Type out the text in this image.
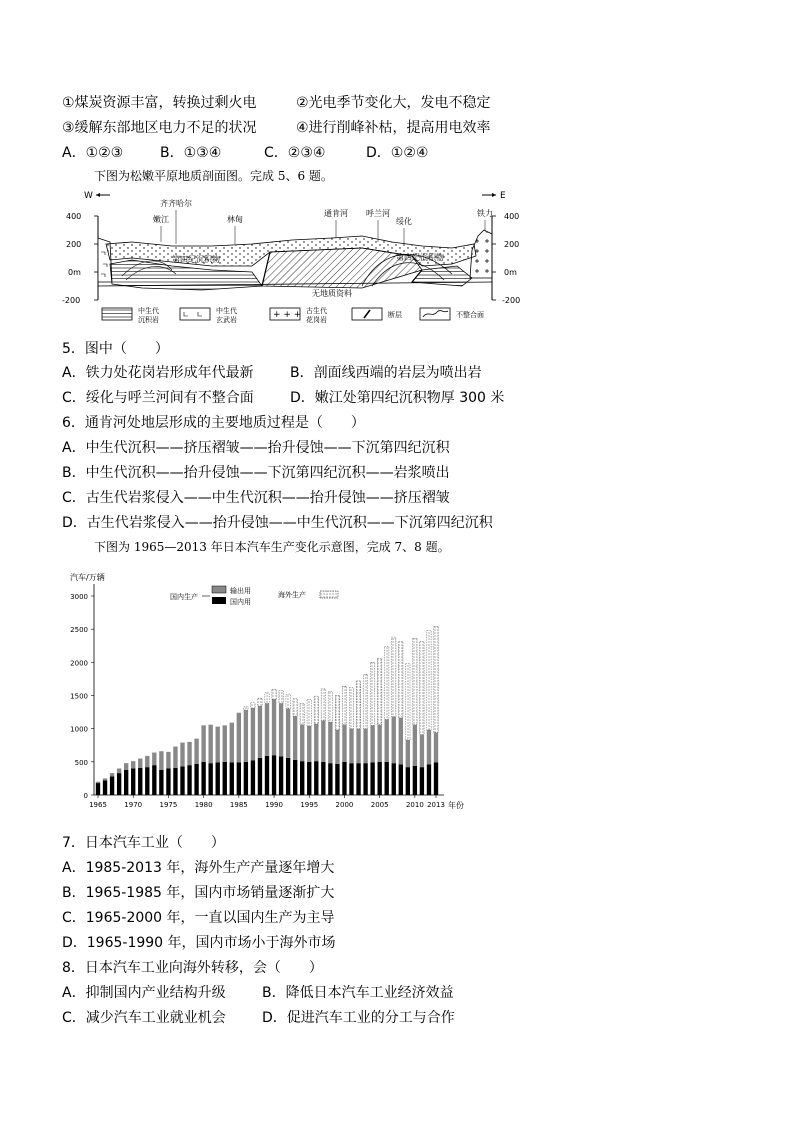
①煤炭资源丰富，转换过剩火电	②光电季节变化大，发电不稳定
③缓解东部地区电力不足的状况	④进行削峰补枯，提高用电效率
A．①②③	B．①③④	C．②③④	D．①②④
下图为松嫩平原地质剖面图。完成 5、6 题。
W	E
400
200
0m
-200
400
200
0m
-200
第四纪沉积物	第四纪沉积物
无地质资料
嫩江
齐齐哈尔
林甸
通肯河 呼兰河
绥化
铁力
中生代
沉积岩
中生代
玄武岩	+ + + 古生代
花岗岩
断层	不整合面
5．图中（　　）
A．铁力处花岗岩形成年代最新	B．剖面线西端的岩层为喷出岩
C．绥化与呼兰河间有不整合面	D．嫩江处第四纪沉积物厚 300 米
6．通肯河处地层形成的主要地质过程是（　　）
A．中生代沉积——挤压褶皱——抬升侵蚀——下沉第四纪沉积
B．中生代沉积——抬升侵蚀——下沉第四纪沉积——岩浆喷出
C．古生代岩浆侵入——中生代沉积——抬升侵蚀——挤压褶皱
D．古生代岩浆侵入——抬升侵蚀——中生代沉积——下沉第四纪沉积
下图为 1965—2013 年日本汽车生产变化示意图，完成 7、8 题。
汽车/万辆
年份
国内生产
输出用
国内用
海外生产
0
500
1000
1500
2000
2500
3000
1965 1970 1975 1980 1985 1990 1995 2000 2005 2010 2013
7．日本汽车工业（　　）
A．1985-2013 年，海外生产产量逐年增大
B．1965-1985 年，国内市场销量逐渐扩大
C．1965-2000 年，一直以国内生产为主导
D．1965-1990 年，国内市场小于海外市场
8．日本汽车工业向海外转移，会（　　）
A．抑制国内产业结构升级	B．降低日本汽车工业经济效益
C．减少汽车工业就业机会	D．促进汽车工业的分工与合作
